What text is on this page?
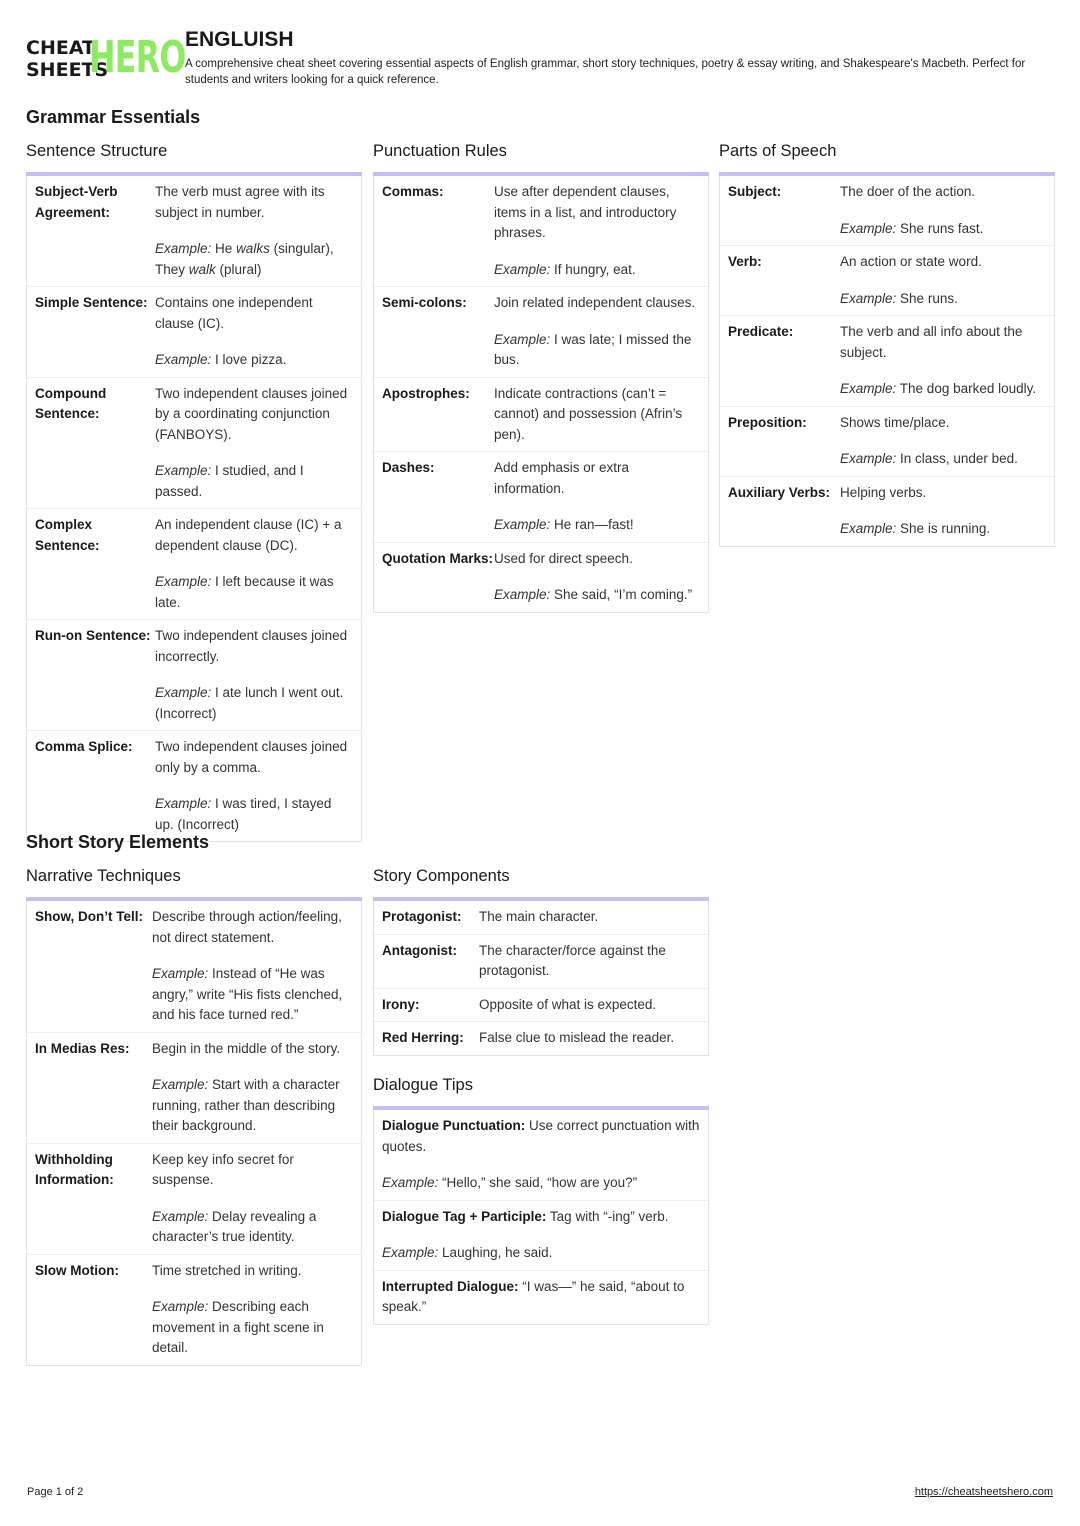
CHEAT
SHEETS
HERO ENGLUISH
A comprehensive cheat sheet covering essential aspects of English grammar, short story techniques, poetry & essay writing, and Shakespeare's Macbeth. Perfect for students and writers looking for a quick reference.
Grammar Essentials
Sentence Structure
Subject-Verb Agreement:
The verb must agree with its subject in number.
Example: He walks (singular), They walk (plural)
Simple Sentence: Contains one independent clause (IC).
Example: I love pizza.
Compound Sentence:
Two independent clauses joined by a coordinating conjunction (FANBOYS).
Example: I studied, and I passed.
Complex Sentence:
An independent clause (IC) + a dependent clause (DC).
Example: I left because it was late.
Run-on Sentence: Two independent clauses joined incorrectly.
Example: I ate lunch I went out. (Incorrect)
Comma Splice:	Two independent clauses joined only by a comma.
Example: I was tired, I stayed up. (Incorrect)
Punctuation Rules
Commas:	Use after dependent clauses, items in a list, and introductory phrases.
Example: If hungry, eat.
Semi-colons:	Join related independent clauses.
Example: I was late; I missed the bus.
Apostrophes:	Indicate contractions (can’t = cannot) and possession (Afrin’s pen).
Dashes:	Add emphasis or extra information.
Example: He ran—fast!
Quotation Marks: Used for direct speech.
Example: She said, “I’m coming.”
Parts of Speech
Subject:	The doer of the action.
Example: She runs fast.
Verb:	An action or state word.
Example: She runs.
Predicate:	The verb and all info about the subject.
Example: The dog barked loudly.
Preposition:	Shows time/place.
Example: In class, under bed.
Auxiliary Verbs: Helping verbs.
Example: She is running.
Short Story Elements
Narrative Techniques
Show, Don’t Tell: Describe through action/feeling, not direct statement.
Example: Instead of “He was angry,” write “His fists clenched, and his face turned red.”
In Medias Res:	Begin in the middle of the story.
Example: Start with a character running, rather than describing their background.
Withholding Information:
Keep key info secret for suspense.
Example: Delay revealing a character’s true identity.
Slow Motion:	Time stretched in writing.
Example: Describing each movement in a fight scene in detail.
Story Components
Protagonist:	The main character.
Antagonist:	The character/force against the protagonist.
Irony:	Opposite of what is expected.
Red Herring:	False clue to mislead the reader.
Dialogue Tips
Dialogue Punctuation: Use correct punctuation with quotes.
Example: “Hello,” she said, “how are you?”
Dialogue Tag + Participle: Tag with “-ing” verb.
Example: Laughing, he said.
Interrupted Dialogue: “I was—” he said, “about to speak.”
Page 1 of 2	https://cheatsheetshero.com
